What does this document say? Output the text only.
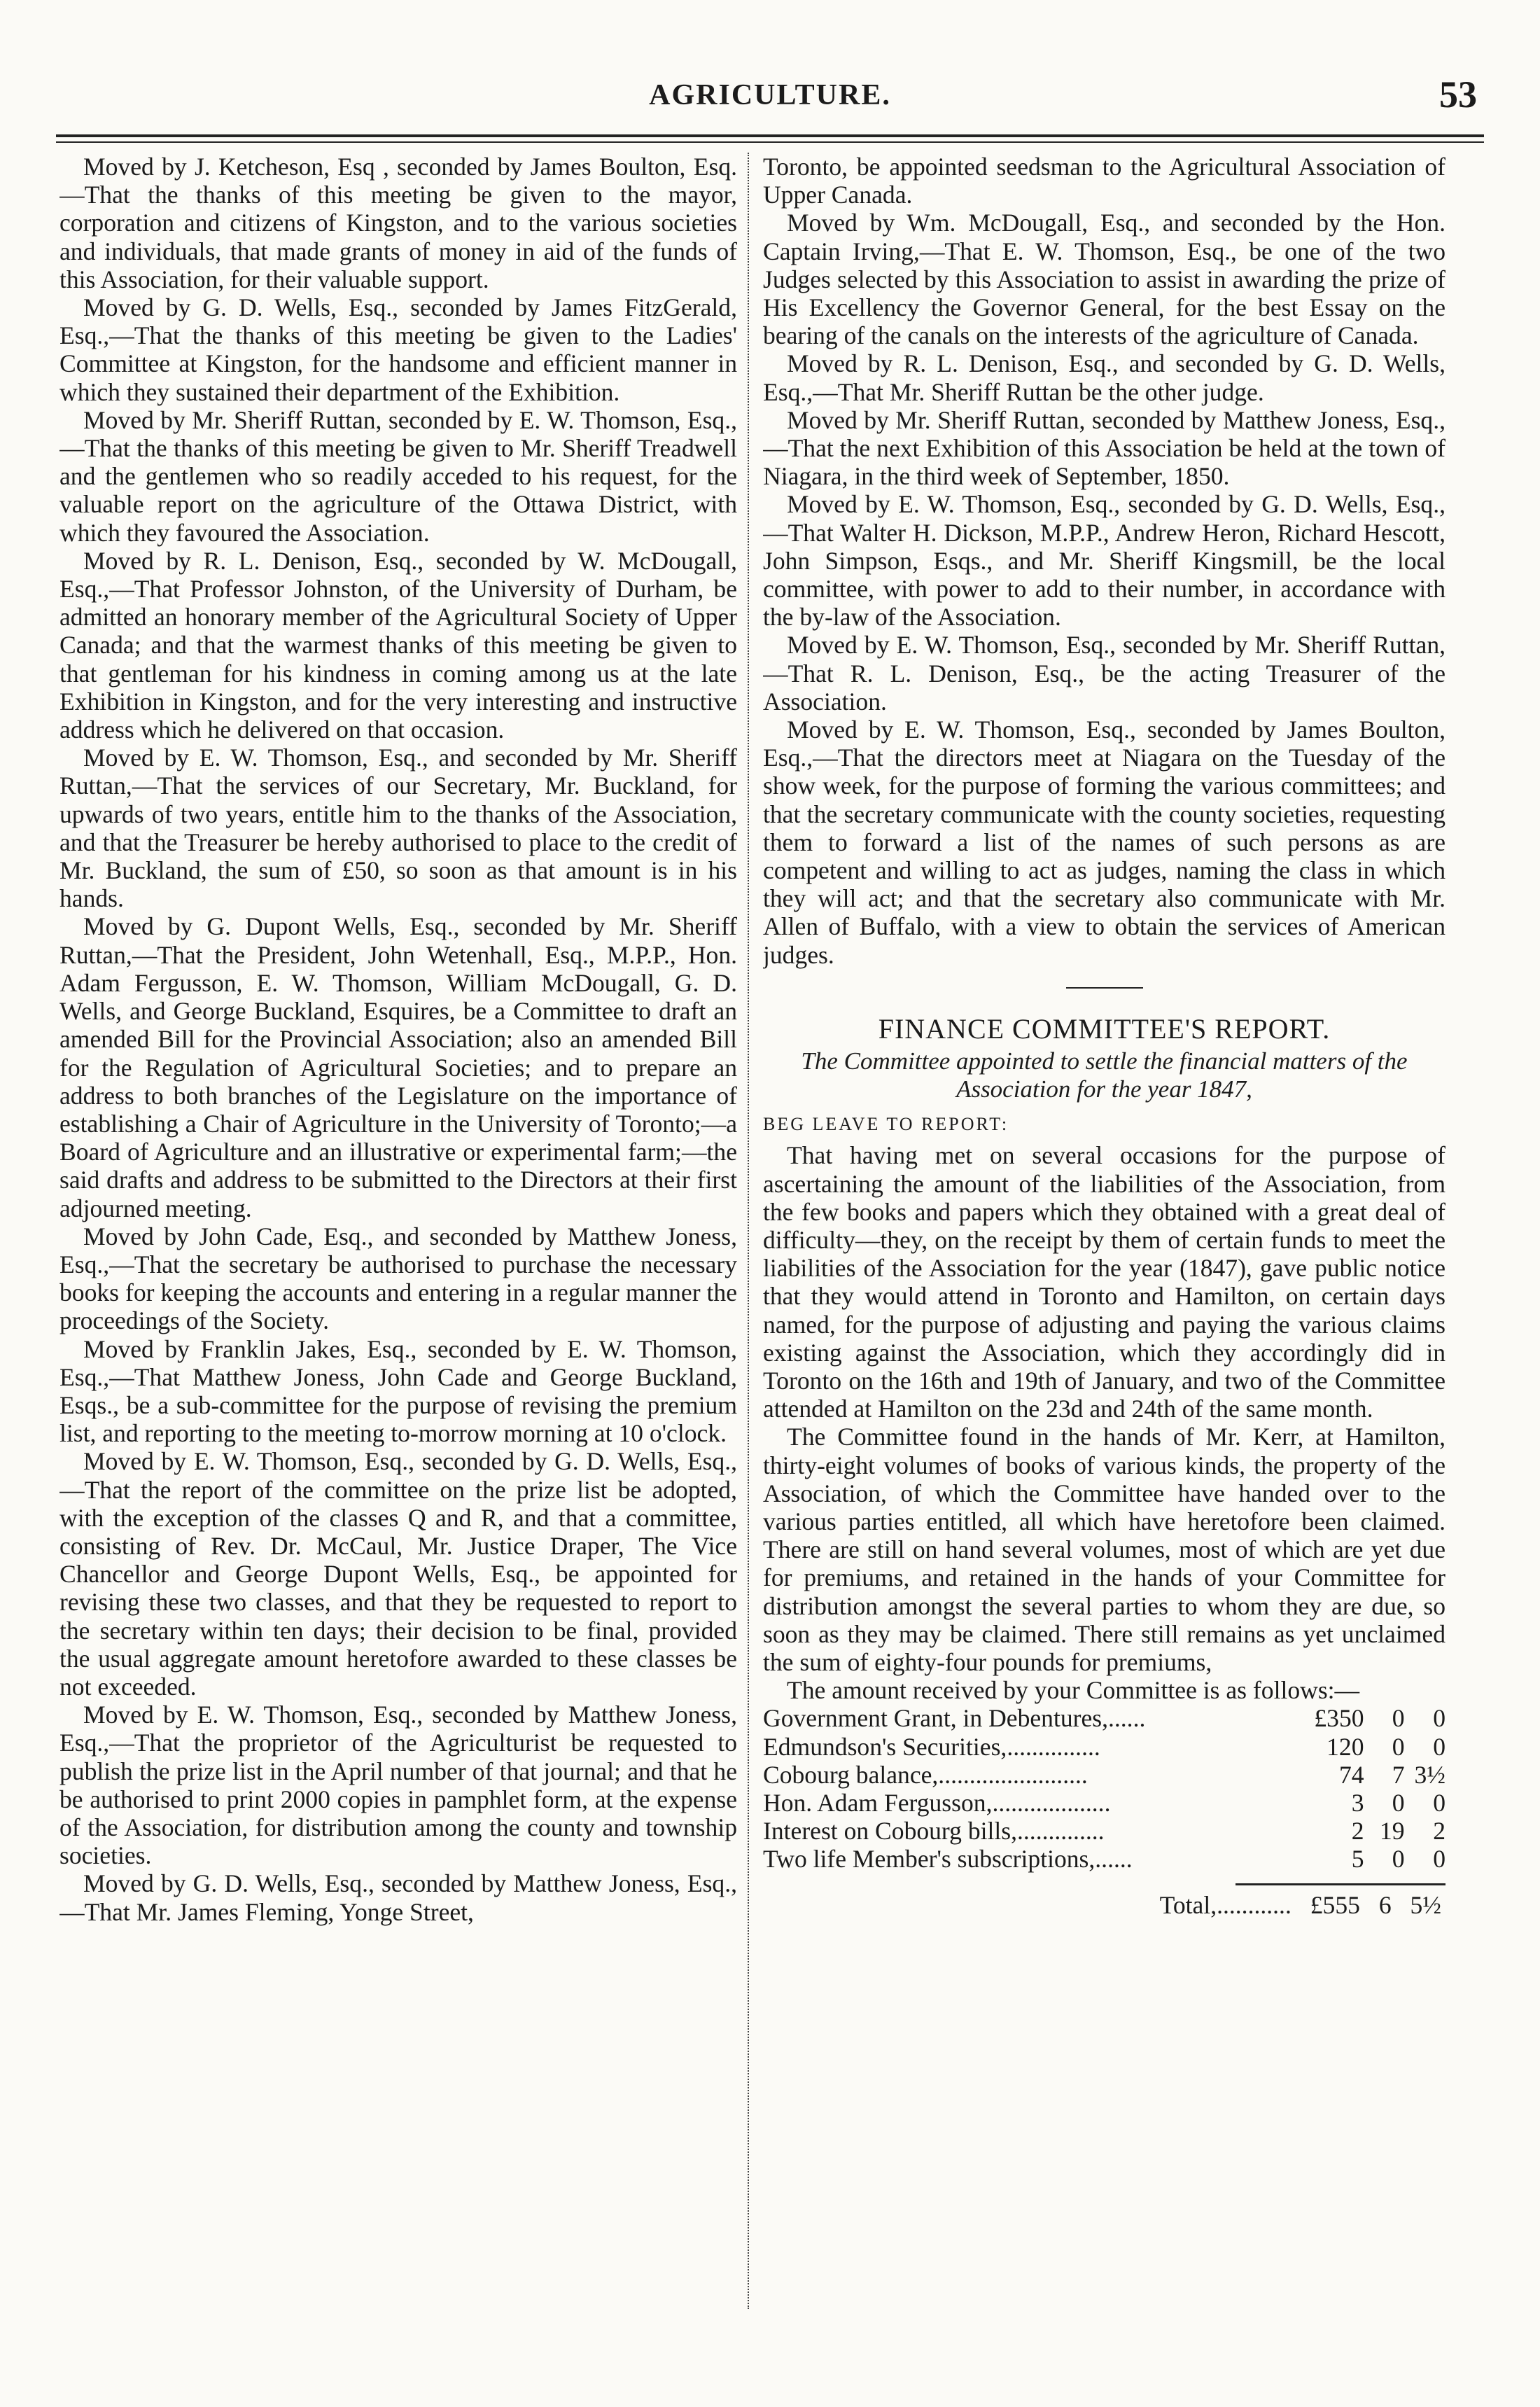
AGRICULTURE.	53

Moved by J. Ketcheson, Esq , seconded by James Boulton, Esq.—That the thanks of this meeting be given to the mayor, corporation and citizens of Kingston, and to the various societies and individuals, that made grants of money in aid of the funds of this Association, for their valuable support.

Moved by G. D. Wells, Esq., seconded by James FitzGerald, Esq.,—That the thanks of this meeting be given to the Ladies' Committee at Kingston, for the handsome and efficient manner in which they sustained their department of the Exhibition.

Moved by Mr. Sheriff Ruttan, seconded by E. W. Thomson, Esq.,—That the thanks of this meeting be given to Mr. Sheriff Treadwell and the gentlemen who so readily acceded to his request, for the valuable report on the agriculture of the Ottawa District, with which they favoured the Association.

Moved by R. L. Denison, Esq., seconded by W. McDougall, Esq.,—That Professor Johnston, of the University of Durham, be admitted an honorary member of the Agricultural Society of Upper Canada; and that the warmest thanks of this meeting be given to that gentleman for his kindness in coming among us at the late Exhibition in Kingston, and for the very interesting and instructive address which he delivered on that occasion.

Moved by E. W. Thomson, Esq., and seconded by Mr. Sheriff Ruttan,—That the services of our Secretary, Mr. Buckland, for upwards of two years, entitle him to the thanks of the Association, and that the Treasurer be hereby authorised to place to the credit of Mr. Buckland, the sum of £50, so soon as that amount is in his hands.

Moved by G. Dupont Wells, Esq., seconded by Mr. Sheriff Ruttan,—That the President, John Wetenhall, Esq., M.P.P., Hon. Adam Fergusson, E. W. Thomson, William McDougall, G. D. Wells, and George Buckland, Esquires, be a Committee to draft an amended Bill for the Provincial Association; also an amended Bill for the Regulation of Agricultural Societies; and to prepare an address to both branches of the Legislature on the importance of establishing a Chair of Agriculture in the University of Toronto;—a Board of Agriculture and an illustrative or experimental farm;—the said drafts and address to be submitted to the Directors at their first adjourned meeting.

Moved by John Cade, Esq., and seconded by Matthew Joness, Esq.,—That the secretary be authorised to purchase the necessary books for keeping the accounts and entering in a regular manner the proceedings of the Society.

Moved by Franklin Jakes, Esq., seconded by E. W. Thomson, Esq.,—That Matthew Joness, John Cade and George Buckland, Esqs., be a sub-committee for the purpose of revising the premium list, and reporting to the meeting to-morrow morning at 10 o'clock.

Moved by E. W. Thomson, Esq., seconded by G. D. Wells, Esq.,—That the report of the committee on the prize list be adopted, with the exception of the classes Q and R, and that a committee, consisting of Rev. Dr. McCaul, Mr. Justice Draper, The Vice Chancellor and George Dupont Wells, Esq., be appointed for revising these two classes, and that they be requested to report to the secretary within ten days; their decision to be final, provided the usual aggregate amount heretofore awarded to these classes be not exceeded.

Moved by E. W. Thomson, Esq., seconded by Matthew Joness, Esq.,—That the proprietor of the Agriculturist be requested to publish the prize list in the April number of that journal; and that he be authorised to print 2000 copies in pamphlet form, at the expense of the Association, for distribution among the county and township societies.

Moved by G. D. Wells, Esq., seconded by Matthew Joness, Esq.,—That Mr. James Fleming, Yonge Street,

Toronto, be appointed seedsman to the Agricultural Association of Upper Canada.

Moved by Wm. McDougall, Esq., and seconded by the Hon. Captain Irving,—That E. W. Thomson, Esq., be one of the two Judges selected by this Association to assist in awarding the prize of His Excellency the Governor General, for the best Essay on the bearing of the canals on the interests of the agriculture of Canada.

Moved by R. L. Denison, Esq., and seconded by G. D. Wells, Esq.,—That Mr. Sheriff Ruttan be the other judge.

Moved by Mr. Sheriff Ruttan, seconded by Matthew Joness, Esq.,—That the next Exhibition of this Association be held at the town of Niagara, in the third week of September, 1850.

Moved by E. W. Thomson, Esq., seconded by G. D. Wells, Esq.,—That Walter H. Dickson, M.P.P., Andrew Heron, Richard Hescott, John Simpson, Esqs., and Mr. Sheriff Kingsmill, be the local committee, with power to add to their number, in accordance with the by-law of the Association.

Moved by E. W. Thomson, Esq., seconded by Mr. Sheriff Ruttan,—That R. L. Denison, Esq., be the acting Treasurer of the Association.

Moved by E. W. Thomson, Esq., seconded by James Boulton, Esq.,—That the directors meet at Niagara on the Tuesday of the show week, for the purpose of forming the various committees; and that the secretary communicate with the county societies, requesting them to forward a list of the names of such persons as are competent and willing to act as judges, naming the class in which they will act; and that the secretary also communicate with Mr. Allen of Buffalo, with a view to obtain the services of American judges.

FINANCE COMMITTEE'S REPORT.
The Committee appointed to settle the financial matters of the Association for the year 1847,
BEG LEAVE TO REPORT:

That having met on several occasions for the purpose of ascertaining the amount of the liabilities of the Association, from the few books and papers which they obtained with a great deal of difficulty—they, on the receipt by them of certain funds to meet the liabilities of the Association for the year (1847), gave public notice that they would attend in Toronto and Hamilton, on certain days named, for the purpose of adjusting and paying the various claims existing against the Association, which they accordingly did in Toronto on the 16th and 19th of January, and two of the Committee attended at Hamilton on the 23d and 24th of the same month.

The Committee found in the hands of Mr. Kerr, at Hamilton, thirty-eight volumes of books of various kinds, the property of the Association, of which the Committee have handed over to the various parties entitled, all which have heretofore been claimed. There are still on hand several volumes, most of which are yet due for premiums, and retained in the hands of your Committee for distribution amongst the several parties to whom they are due, so soon as they may be claimed. There still remains as yet unclaimed the sum of eighty-four pounds for premiums,

The amount received by your Committee is as follows:—

Government Grant, in Debentures,......	£350	0	0
Edmundson's Securities,...............	120	0	0
Cobourg balance,........................	74	7	3½
Hon. Adam Fergusson,...................	3	0	0
Interest on Cobourg bills,..............	2	19	2
Two life Member's subscriptions,......	5	0	0
Total,............ £555 6 5½
